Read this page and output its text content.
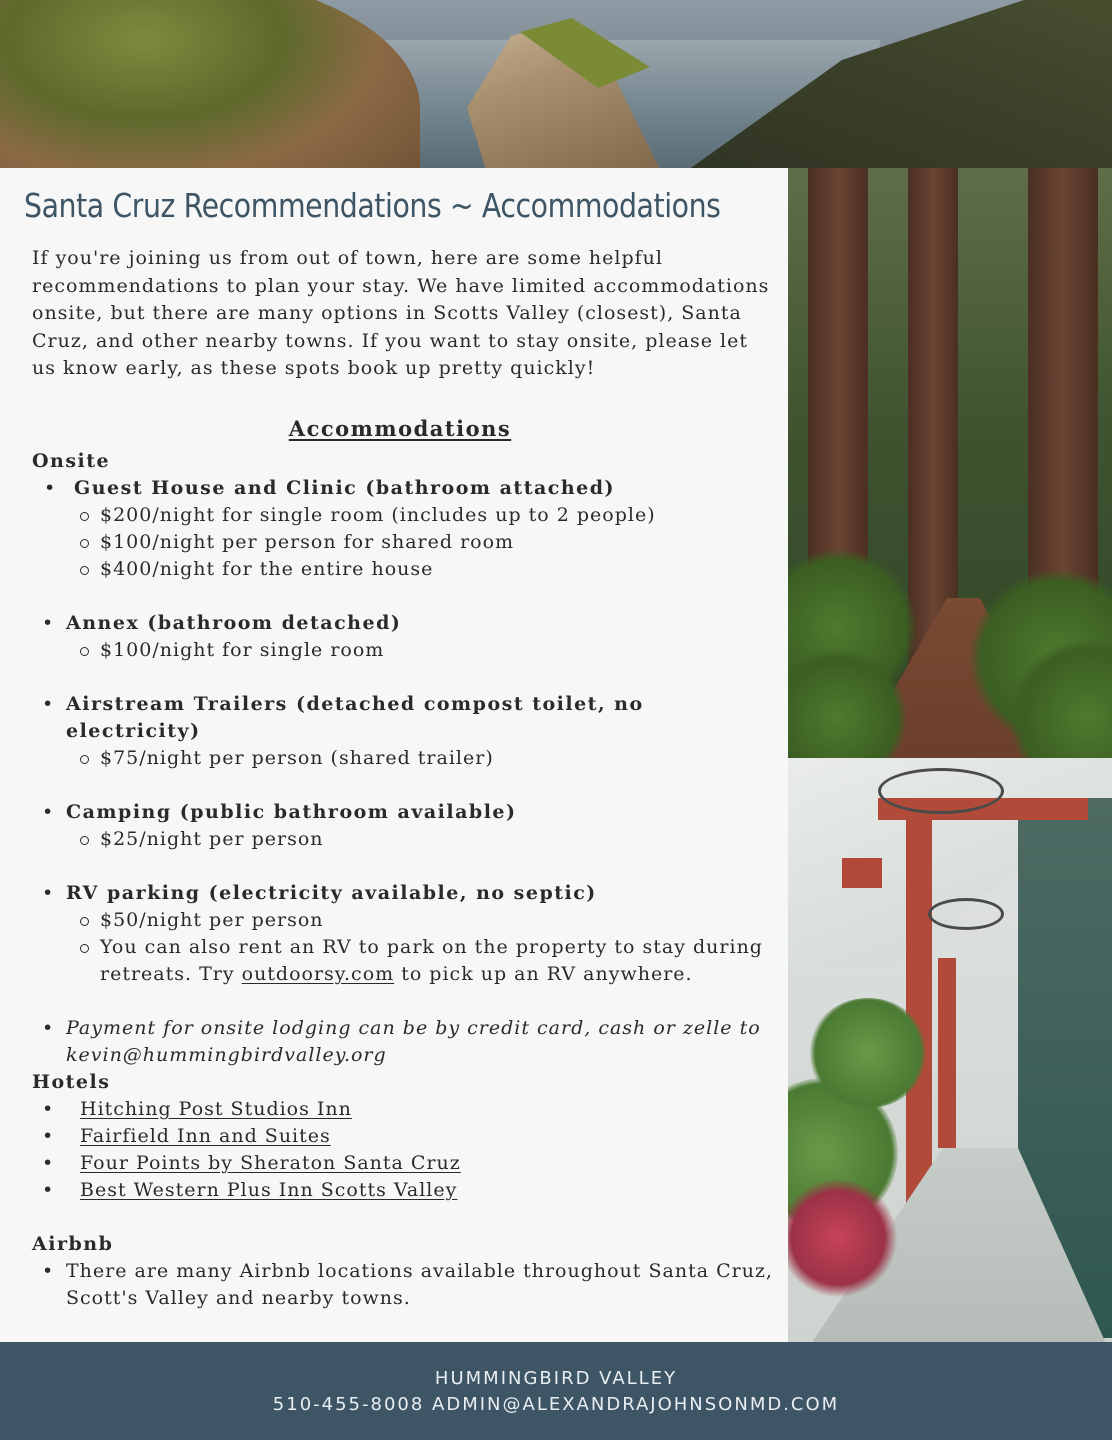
Santa Cruz Recommendations ~ Accommodations

If you're joining us from out of town, here are some helpful recommendations to plan your stay. We have limited accommodations onsite, but there are many options in Scotts Valley (closest), Santa Cruz, and other nearby towns. If you want to stay onsite, please let us know early, as these spots book up pretty quickly!

Accommodations

Onsite

• Guest House and Clinic (bathroom attached)
$200/night for single room (includes up to 2 people)
$100/night per person for shared room
$400/night for the entire house
• Annex (bathroom detached)
$100/night for single room
• Airstream Trailers (detached compost toilet, no electricity)
$75/night per person (shared trailer)
• Camping (public bathroom available)
$25/night per person
• RV parking (electricity available, no septic)
$50/night per person
You can also rent an RV to park on the property to stay during retreats. Try outdoorsy.com to pick up an RV anywhere.
• Payment for onsite lodging can be by credit card, cash or zelle to kevin@hummingbirdvalley.org

Hotels

• Hitching Post Studios Inn
• Fairfield Inn and Suites
• Four Points by Sheraton Santa Cruz
• Best Western Plus Inn Scotts Valley

Airbnb

• There are many Airbnb locations available throughout Santa Cruz, Scott's Valley and nearby towns.
HUMMINGBIRD VALLEY
510-455-8008 ADMIN@ALEXANDRAJOHNSONMD.COM
